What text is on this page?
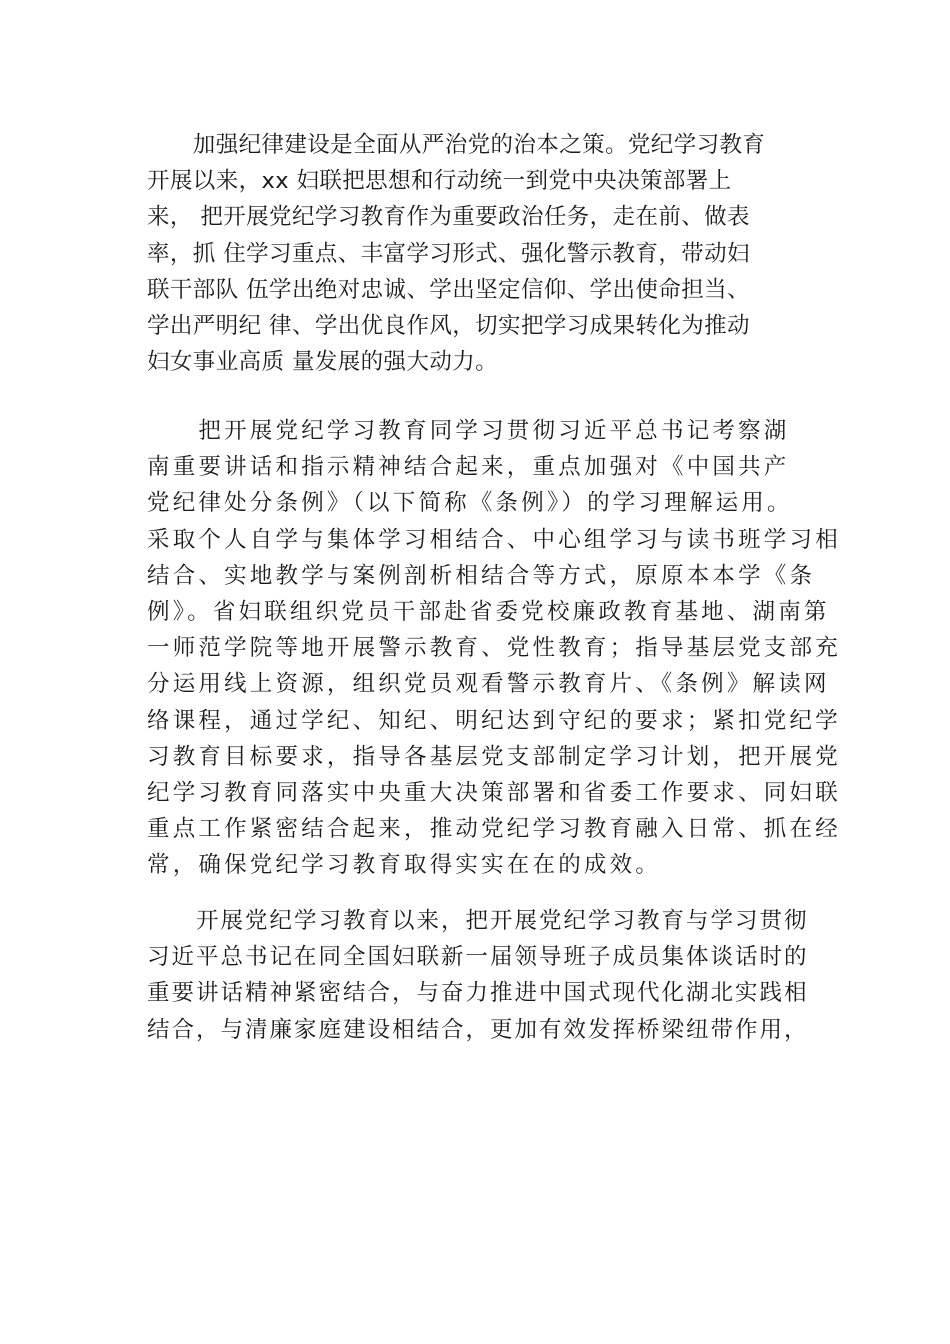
　　加强纪律建设是全面从严治党的治本之策。党纪学习教育
开展以来，xx 妇联把思想和行动统一到党中央决策部署上
来， 把开展党纪学习教育作为重要政治任务，走在前、做表
率，抓 住学习重点、丰富学习形式、强化警示教育，带动妇
联干部队 伍学出绝对忠诚、学出坚定信仰、学出使命担当、
学出严明纪 律、学出优良作风，切实把学习成果转化为推动
妇女事业高质 量发展的强大动力。
　　把开展党纪学习教育同学习贯彻习近平总书记考察湖
南重要讲话和指示精神结合起来，重点加强对《中国共产
党纪律处分条例》（以下简称《条例》）的学习理解运用。
采取个人自学与集体学习相结合、中心组学习与读书班学习相
结合、实地教学与案例剖析相结合等方式，原原本本学《条
例》。省妇联组织党员干部赴省委党校廉政教育基地、湖南第
一师范学院等地开展警示教育、党性教育；指导基层党支部充
分运用线上资源，组织党员观看警示教育片、《条例》解读网
络课程，通过学纪、知纪、明纪达到守纪的要求；紧扣党纪学
习教育目标要求，指导各基层党支部制定学习计划，把开展党
纪学习教育同落实中央重大决策部署和省委工作要求、同妇联
重点工作紧密结合起来，推动党纪学习教育融入日常、抓在经
常，确保党纪学习教育取得实实在在的成效。
　　开展党纪学习教育以来，把开展党纪学习教育与学习贯彻
习近平总书记在同全国妇联新一届领导班子成员集体谈话时的
重要讲话精神紧密结合，与奋力推进中国式现代化湖北实践相
结合，与清廉家庭建设相结合，更加有效发挥桥梁纽带作用，
